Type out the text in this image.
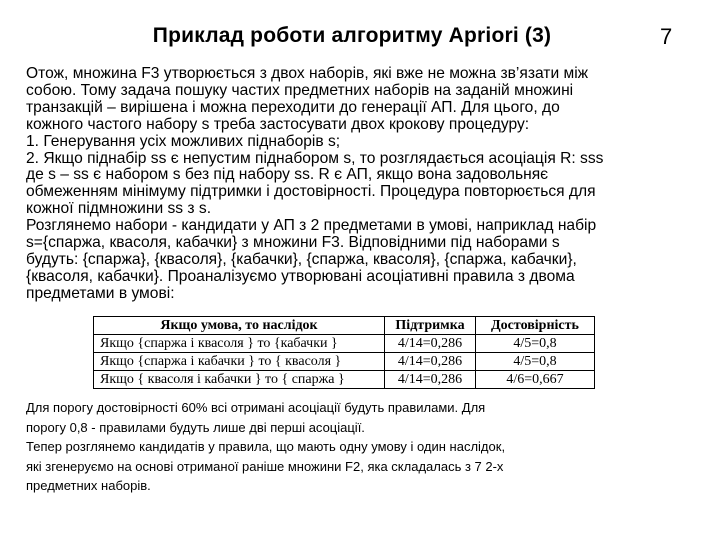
Приклад роботи алгоритму Apriori (3)	7

Отож, множина F3 утворюється з двох наборів, які вже не можна зв’язати між

собою. Тому задача пошуку частих предметних наборів на заданій множині

транзакцій – вирішена і можна переходити до генерації АП. Для цього, до

кожного частого набору s треба застосувати двох крокову процедуру:

1. Генерування усіх можливих піднаборів s;

2. Якщо піднабір ss є непустим піднабором s, то розглядається асоціація R: sss

де s – ss є набором s без під набору ss. R є АП, якщо вона задовольняє

обмеженням мінімуму підтримки і достовірності. Процедура повторюється для

кожної підмножини ss з s.

Розглянемо набори - кандидати у АП з 2 предметами в умові, наприклад набір

s={спаржа, квасоля, кабачки} з множини F3. Відповідними під наборами s

будуть: {спаржа}, {квасоля}, {кабачки}, {спаржа, квасоля}, {спаржа, кабачки},

{квасоля, кабачки}. Проаналізуємо утворювані асоціативні правила з двома

предметами в умові:

Якщо умова, то наслідок	Підтримка	Достовірність
Якщо {спаржа і квасоля } то {кабачки }	4/14=0,286	4/5=0,8
Якщо {спаржа і кабачки } то { квасоля }	4/14=0,286	4/5=0,8
Якщо { квасоля і кабачки } то { спаржа }	4/14=0,286	4/6=0,667

Для порогу достовірності 60% всі отримані асоціації будуть правилами. Для

порогу 0,8 - правилами будуть лише дві перші асоціації.

Тепер розглянемо кандидатів у правила, що мають одну умову і один наслідок,

які згенеруємо на основі отриманої раніше множини F2, яка складалась з 7 2-х

предметних наборів.
